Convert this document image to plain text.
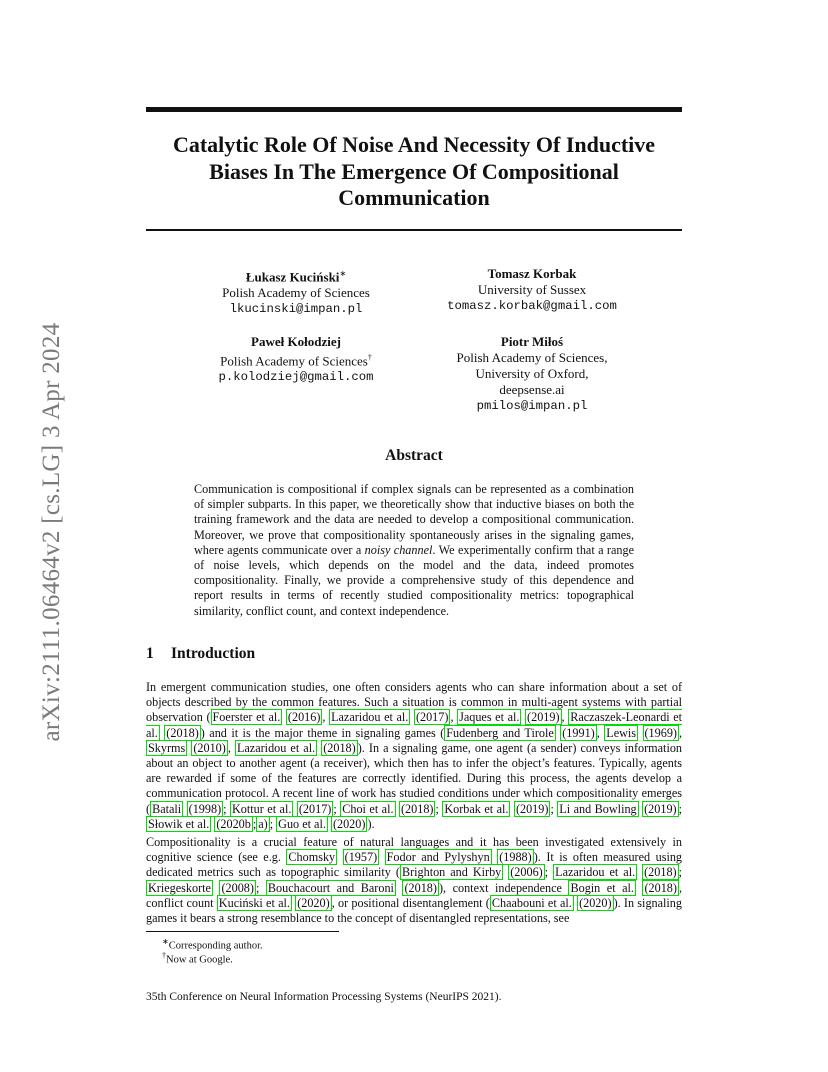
Catalytic Role Of Noise And Necessity Of Inductive Biases In The Emergence Of Compositional Communication
arXiv:2111.06464v2 [cs.LG] 3 Apr 2024
Łukasz Kuciński∗
Polish Academy of Sciences
lkucinski@impan.pl
Tomasz Korbak
University of Sussex
tomasz.korbak@gmail.com
Paweł Kołodziej
Polish Academy of Sciences†
p.kolodziej@gmail.com
Piotr Miłoś
Polish Academy of Sciences,
University of Oxford,
deepsense.ai
pmilos@impan.pl
Abstract
Communication is compositional if complex signals can be represented as a combination of simpler subparts. In this paper, we theoretically show that inductive biases on both the training framework and the data are needed to develop a compositional communication. Moreover, we prove that compositionality spontaneously arises in the signaling games, where agents communicate over a noisy channel. We experimentally confirm that a range of noise levels, which depends on the model and the data, indeed promotes compositionality. Finally, we provide a comprehensive study of this dependence and report results in terms of recently studied compositionality metrics: topographical similarity, conflict count, and context independence.
1 Introduction
In emergent communication studies, one often considers agents who can share information about a set of objects described by the common features. Such a situation is common in multi-agent systems with partial observation ( Foerster et al. (2016) , Lazaridou et al. (2017) , Jaques et al. (2019) , Raczaszek-Leonardi et al. (2018) ) and it is the major theme in signaling games ( Fudenberg and Tirole (1991) , Lewis (1969) , Skyrms (2010) , Lazaridou et al. (2018) ). In a signaling game, one agent (a sender) conveys information about an object to another agent (a receiver), which then has to infer the object’s features. Typically, agents are rewarded if some of the features are correctly identified. During this process, the agents develop a communication protocol. A recent line of work has studied conditions under which compositionality emerges ( Batali (1998) ; Kottur et al. (2017) ; Choi et al. (2018) ; Korbak et al. (2019) ; Li and Bowling (2019) ; Słowik et al. (2020b ; a) ; Guo et al. (2020) ).
Compositionality is a crucial feature of natural languages and it has been investigated extensively in cognitive science (see e.g. Chomsky (1957) Fodor and Pylyshyn (1988) ). It is often measured using dedicated metrics such as topographic similarity ( Brighton and Kirby (2006) ; Lazaridou et al. (2018) ; Kriegeskorte (2008) ; Bouchacourt and Baroni (2018) ), context independence Bogin et al. (2018) , conflict count Kuciński et al. (2020) , or positional disentanglement ( Chaabouni et al. (2020) ). In signaling games it bears a strong resemblance to the concept of disentangled representations, see
∗Corresponding author.
†Now at Google.
35th Conference on Neural Information Processing Systems (NeurIPS 2021).
